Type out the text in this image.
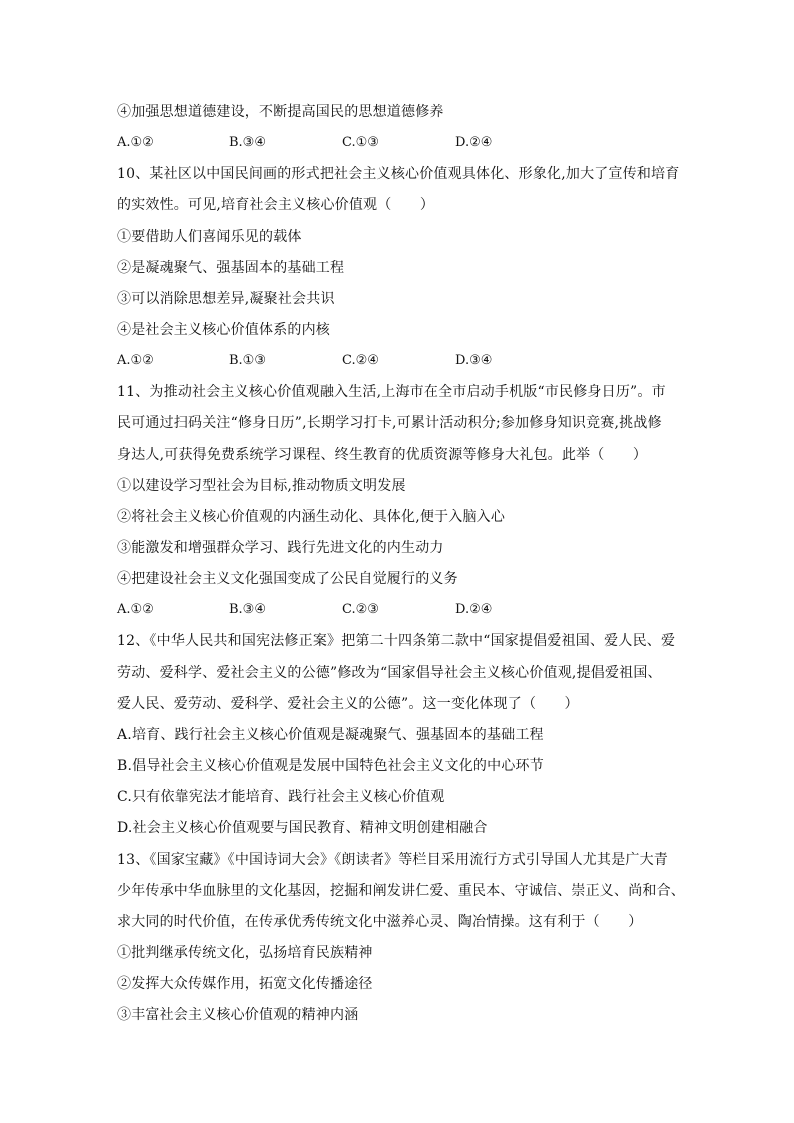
④加强思想道德建设，不断提高国民的思想道德修养
A.①②	B.③④	C.①③	D.②④
10、某社区以中国民间画的形式把社会主义核心价值观具体化、形象化,加大了宣传和培育
的实效性。可见,培育社会主义核心价值观（　　）
①要借助人们喜闻乐见的载体
②是凝魂聚气、强基固本的基础工程
③可以消除思想差异,凝聚社会共识
④是社会主义核心价值体系的内核
A.①②	B.①③	C.②④	D.③④
11、为推动社会主义核心价值观融入生活,上海市在全市启动手机版“市民修身日历”。市
民可通过扫码关注“修身日历”,长期学习打卡,可累计活动积分;参加修身知识竞赛,挑战修
身达人,可获得免费系统学习课程、终生教育的优质资源等修身大礼包。此举（　　）
①以建设学习型社会为目标,推动物质文明发展
②将社会主义核心价值观的内涵生动化、具体化,便于入脑入心
③能激发和增强群众学习、践行先进文化的内生动力
④把建设社会主义文化强国变成了公民自觉履行的义务
A.①②	B.③④	C.②③	D.②④
12、《中华人民共和国宪法修正案》把第二十四条第二款中“国家提倡爱祖国、爱人民、爱
劳动、爱科学、爱社会主义的公德”修改为“国家倡导社会主义核心价值观,提倡爱祖国、
爱人民、爱劳动、爱科学、爱社会主义的公德”。这一变化体现了（　　）
A.培育、践行社会主义核心价值观是凝魂聚气、强基固本的基础工程
B.倡导社会主义核心价值观是发展中国特色社会主义文化的中心环节
C.只有依靠宪法才能培育、践行社会主义核心价值观
D.社会主义核心价值观要与国民教育、精神文明创建相融合
13、《国家宝藏》《中国诗词大会》《朗读者》等栏目采用流行方式引导国人尤其是广大青
少年传承中华血脉里的文化基因，挖掘和阐发讲仁爱、重民本、守诚信、崇正义、尚和合、
求大同的时代价值，在传承优秀传统文化中滋养心灵、陶冶情操。这有利于（　　）
①批判继承传统文化，弘扬培育民族精神
②发挥大众传媒作用，拓宽文化传播途径
③丰富社会主义核心价值观的精神内涵
